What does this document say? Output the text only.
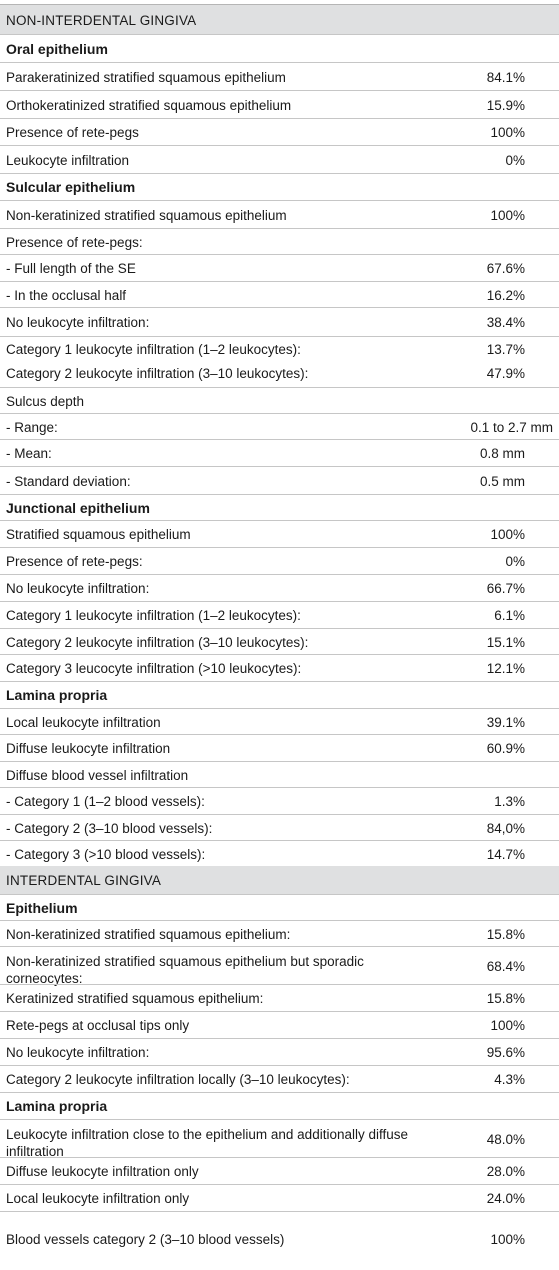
NON-INTERDENTAL GINGIVA
Oral epithelium
Parakeratinized stratified squamous epithelium	84.1%
Orthokeratinized stratified squamous epithelium	15.9%
Presence of rete-pegs	100%
Leukocyte infiltration	0%
Sulcular epithelium
Non-keratinized stratified squamous epithelium	100%
Presence of rete-pegs:
- Full length of the SE	67.6%
- In the occlusal half	16.2%
No leukocyte infiltration:	38.4%
Category 1 leukocyte infiltration (1–2 leukocytes):	13.7%
Category 2 leukocyte infiltration (3–10 leukocytes):	47.9%
Sulcus depth
- Range:	0.1 to 2.7 mm
- Mean:	0.8 mm
- Standard deviation:	0.5 mm
Junctional epithelium
Stratified squamous epithelium	100%
Presence of rete-pegs:	0%
No leukocyte infiltration:	66.7%
Category 1 leukocyte infiltration (1–2 leukocytes):	6.1%
Category 2 leukocyte infiltration (3–10 leukocytes):	15.1%
Category 3 leucocyte infiltration (>10 leukocytes):	12.1%
Lamina propria
Local leukocyte infiltration	39.1%
Diffuse leukocyte infiltration	60.9%
Diffuse blood vessel infiltration
- Category 1 (1–2 blood vessels):	1.3%
- Category 2 (3–10 blood vessels):	84,0%
- Category 3 (>10 blood vessels):	14.7%
INTERDENTAL GINGIVA
Epithelium
Non-keratinized stratified squamous epithelium:	15.8%
Non-keratinized stratified squamous epithelium but sporadic corneocytes:
68.4%
Keratinized stratified squamous epithelium:	15.8%
Rete-pegs at occlusal tips only	100%
No leukocyte infiltration:	95.6%
Category 2 leukocyte infiltration locally (3–10 leukocytes):	4.3%
Lamina propria
Leukocyte infiltration close to the epithelium and additionally diffuse infiltration
48.0%
Diffuse leukocyte infiltration only	28.0%
Local leukocyte infiltration only	24.0%
Blood vessels category 2 (3–10 blood vessels)	100%
